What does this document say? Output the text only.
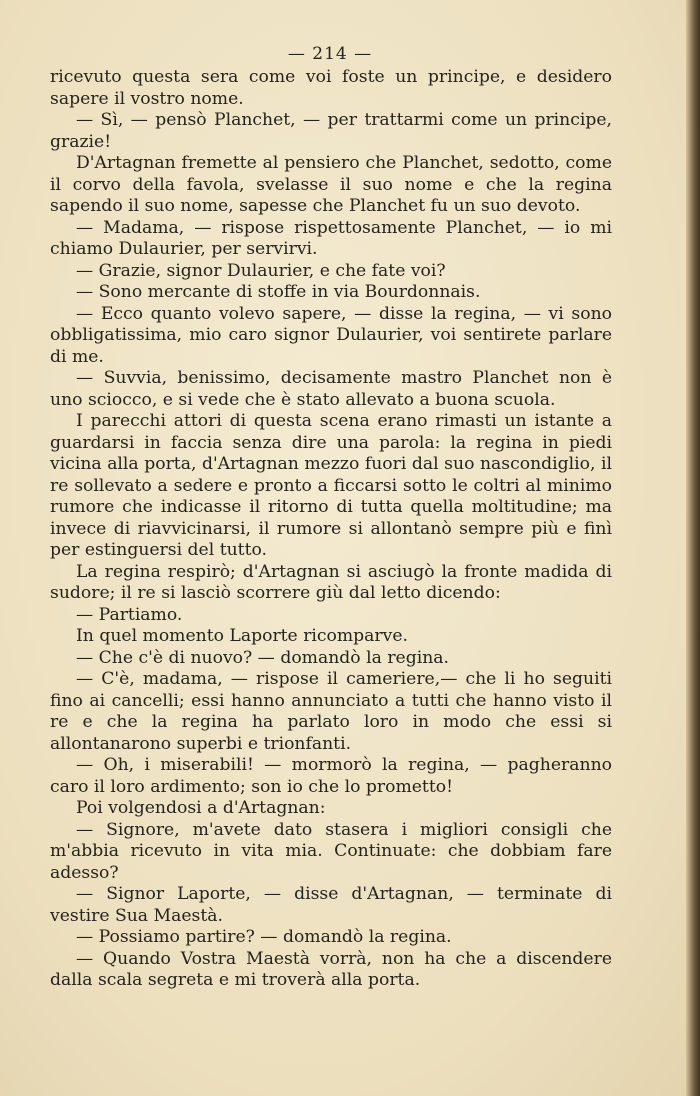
— 214 —

ricevuto questa sera come voi foste un principe, e desidero sapere il vostro nome.

— Sì, — pensò Planchet, — per trattarmi come un principe, grazie!

D'Artagnan fremette al pensiero che Planchet, sedotto, come il corvo della favola, svelasse il suo nome e che la regina sapendo il suo nome, sapesse che Planchet fu un suo devoto.

— Madama, — rispose rispettosamente Planchet, — io mi chiamo Dulaurier, per servirvi.

— Grazie, signor Dulaurier, e che fate voi?

— Sono mercante di stoffe in via Bourdonnais.

— Ecco quanto volevo sapere, — disse la regina, — vi sono obbligatissima, mio caro signor Dulaurier, voi sentirete parlare di me.

— Suvvia, benissimo, decisamente mastro Planchet non è uno sciocco, e si vede che è stato allevato a buona scuola.

I parecchi attori di questa scena erano rimasti un istante a guardarsi in faccia senza dire una parola: la regina in piedi vicina alla porta, d'Artagnan mezzo fuori dal suo nascondiglio, il re sollevato a sedere e pronto a ficcarsi sotto le coltri al minimo rumore che indicasse il ritorno di tutta quella moltitudine; ma invece di riavvicinarsi, il rumore si allontanò sempre più e finì per estinguersi del tutto.

La regina respirò; d'Artagnan si asciugò la fronte madida di sudore; il re si lasciò scorrere giù dal letto dicendo:

— Partiamo.

In quel momento Laporte ricomparve.

— Che c'è di nuovo? — domandò la regina.

— C'è, madama, — rispose il cameriere,— che li ho seguiti fino ai cancelli; essi hanno annunciato a tutti che hanno visto il re e che la regina ha parlato loro in modo che essi si allontanarono superbi e trionfanti.

— Oh, i miserabili! — mormorò la regina, — pagheranno caro il loro ardimento; son io che lo prometto!

Poi volgendosi a d'Artagnan:

— Signore, m'avete dato stasera i migliori consigli che m'abbia ricevuto in vita mia. Continuate: che dobbiam fare adesso?

— Signor Laporte, — disse d'Artagnan, — terminate di vestire Sua Maestà.

— Possiamo partire? — domandò la regina.

— Quando Vostra Maestà vorrà, non ha che a discendere dalla scala segreta e mi troverà alla porta.
